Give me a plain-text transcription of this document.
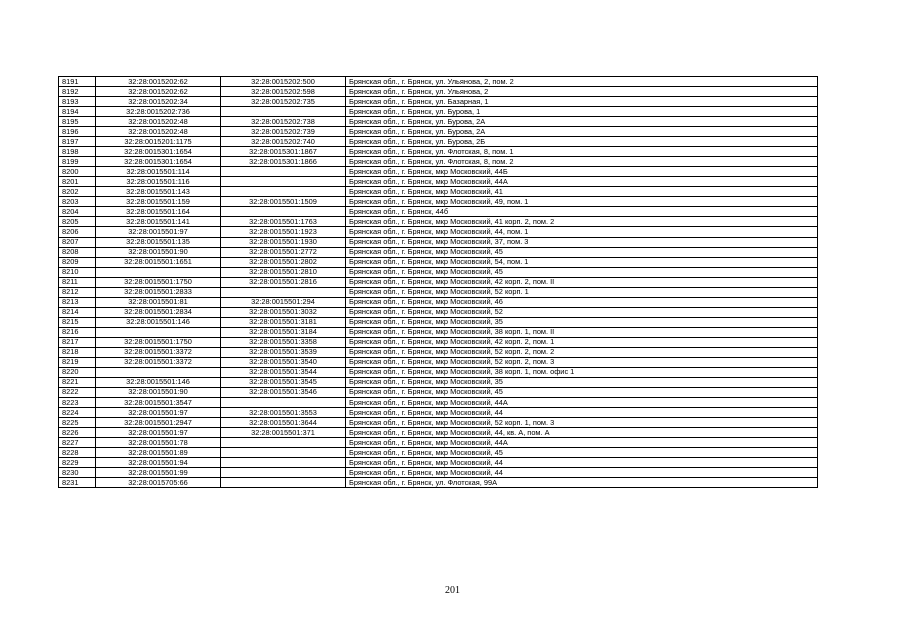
8191	32:28:0015202:62	32:28:0015202:500	Брянская обл., г. Брянск, ул. Ульянова, 2, пом. 2
8192	32:28:0015202:62	32:28:0015202:598	Брянская обл., г. Брянск, ул. Ульянова, 2
8193	32:28:0015202:34	32:28:0015202:735	Брянская обл., г. Брянск, ул. Базарная, 1
8194	32:28:0015202:736		Брянская обл., г. Брянск, ул. Бурова, 1
8195	32:28:0015202:48	32:28:0015202:738	Брянская обл., г. Брянск, ул. Бурова, 2А
8196	32:28:0015202:48	32:28:0015202:739	Брянская обл., г. Брянск, ул. Бурова, 2А
8197	32:28:0015201:1175	32:28:0015202:740	Брянская обл., г. Брянск, ул. Бурова, 2Б
8198	32:28:0015301:1654	32:28:0015301:1867	Брянская обл., г. Брянск, ул. Флотская, 8, пом. 1
8199	32:28:0015301:1654	32:28:0015301:1866	Брянская обл., г. Брянск, ул. Флотская, 8, пом. 2
8200	32:28:0015501:114		Брянская обл., г. Брянск, мкр Московский, 44Б
8201	32:28:0015501:116		Брянская обл., г. Брянск, мкр Московский, 44А
8202	32:28:0015501:143		Брянская обл., г. Брянск, мкр Московский, 41
8203	32:28:0015501:159	32:28:0015501:1509	Брянская обл., г. Брянск, мкр Московский, 49, пом. 1
8204	32:28:0015501:164		Брянская обл., г. Брянск, 44б
8205	32:28:0015501:141	32:28:0015501:1763	Брянская обл., г. Брянск, мкр Московский, 41 корп. 2, пом. 2
8206	32:28:0015501:97	32:28:0015501:1923	Брянская обл., г. Брянск, мкр Московский, 44, пом. 1
8207	32:28:0015501:135	32:28:0015501:1930	Брянская обл., г. Брянск, мкр Московский, 37, пом. 3
8208	32:28:0015501:90	32:28:0015501:2772	Брянская обл., г. Брянск, мкр Московский, 45
8209	32:28:0015501:1651	32:28:0015501:2802	Брянская обл., г. Брянск, мкр Московский, 54, пом. 1
8210		32:28:0015501:2810	Брянская обл., г. Брянск, мкр Московский, 45
8211	32:28:0015501:1750	32:28:0015501:2816	Брянская обл., г. Брянск, мкр Московский, 42 корп. 2, пом. II
8212	32:28:0015501:2833		Брянская обл., г. Брянск, мкр Московский, 52 корп. 1
8213	32:28:0015501:81	32:28:0015501:294	Брянская обл., г. Брянск, мкр Московский, 46
8214	32:28:0015501:2834	32:28:0015501:3032	Брянская обл., г. Брянск, мкр Московский, 52
8215	32:28:0015501:146	32:28:0015501:3181	Брянская обл., г. Брянск, мкр Московский, 35
8216		32:28:0015501:3184	Брянская обл., г. Брянск, мкр Московский, 38 корп. 1, пом. II
8217	32:28:0015501:1750	32:28:0015501:3358	Брянская обл., г. Брянск, мкр Московский, 42 корп. 2, пом. 1
8218	32:28:0015501:3372	32:28:0015501:3539	Брянская обл., г. Брянск, мкр Московский, 52 корп. 2, пом. 2
8219	32:28:0015501:3372	32:28:0015501:3540	Брянская обл., г. Брянск, мкр Московский, 52 корп. 2, пом. 3
8220		32:28:0015501:3544	Брянская обл., г. Брянск, мкр Московский, 38 корп. 1, пом. офис 1
8221	32:28:0015501:146	32:28:0015501:3545	Брянская обл., г. Брянск, мкр Московский, 35
8222	32:28:0015501:90	32:28:0015501:3546	Брянская обл., г. Брянск, мкр Московский, 45
8223	32:28:0015501:3547		Брянская обл., г. Брянск, мкр Московский, 44А
8224	32:28:0015501:97	32:28:0015501:3553	Брянская обл., г. Брянск, мкр Московский, 44
8225	32:28:0015501:2947	32:28:0015501:3644	Брянская обл., г. Брянск, мкр Московский, 52 корп. 1, пом. 3
8226	32:28:0015501:97	32:28:0015501:371	Брянская обл., г. Брянск, мкр Московский, 44, кв. А, пом. А
8227	32:28:0015501:78		Брянская обл., г. Брянск, мкр Московский, 44А
8228	32:28:0015501:89		Брянская обл., г. Брянск, мкр Московский, 45
8229	32:28:0015501:94		Брянская обл., г. Брянск, мкр Московский, 44
8230	32:28:0015501:99		Брянская обл., г. Брянск, мкр Московский, 44
8231	32:28:0015705:66		Брянская обл., г. Брянск, ул. Флотская, 99А
201
